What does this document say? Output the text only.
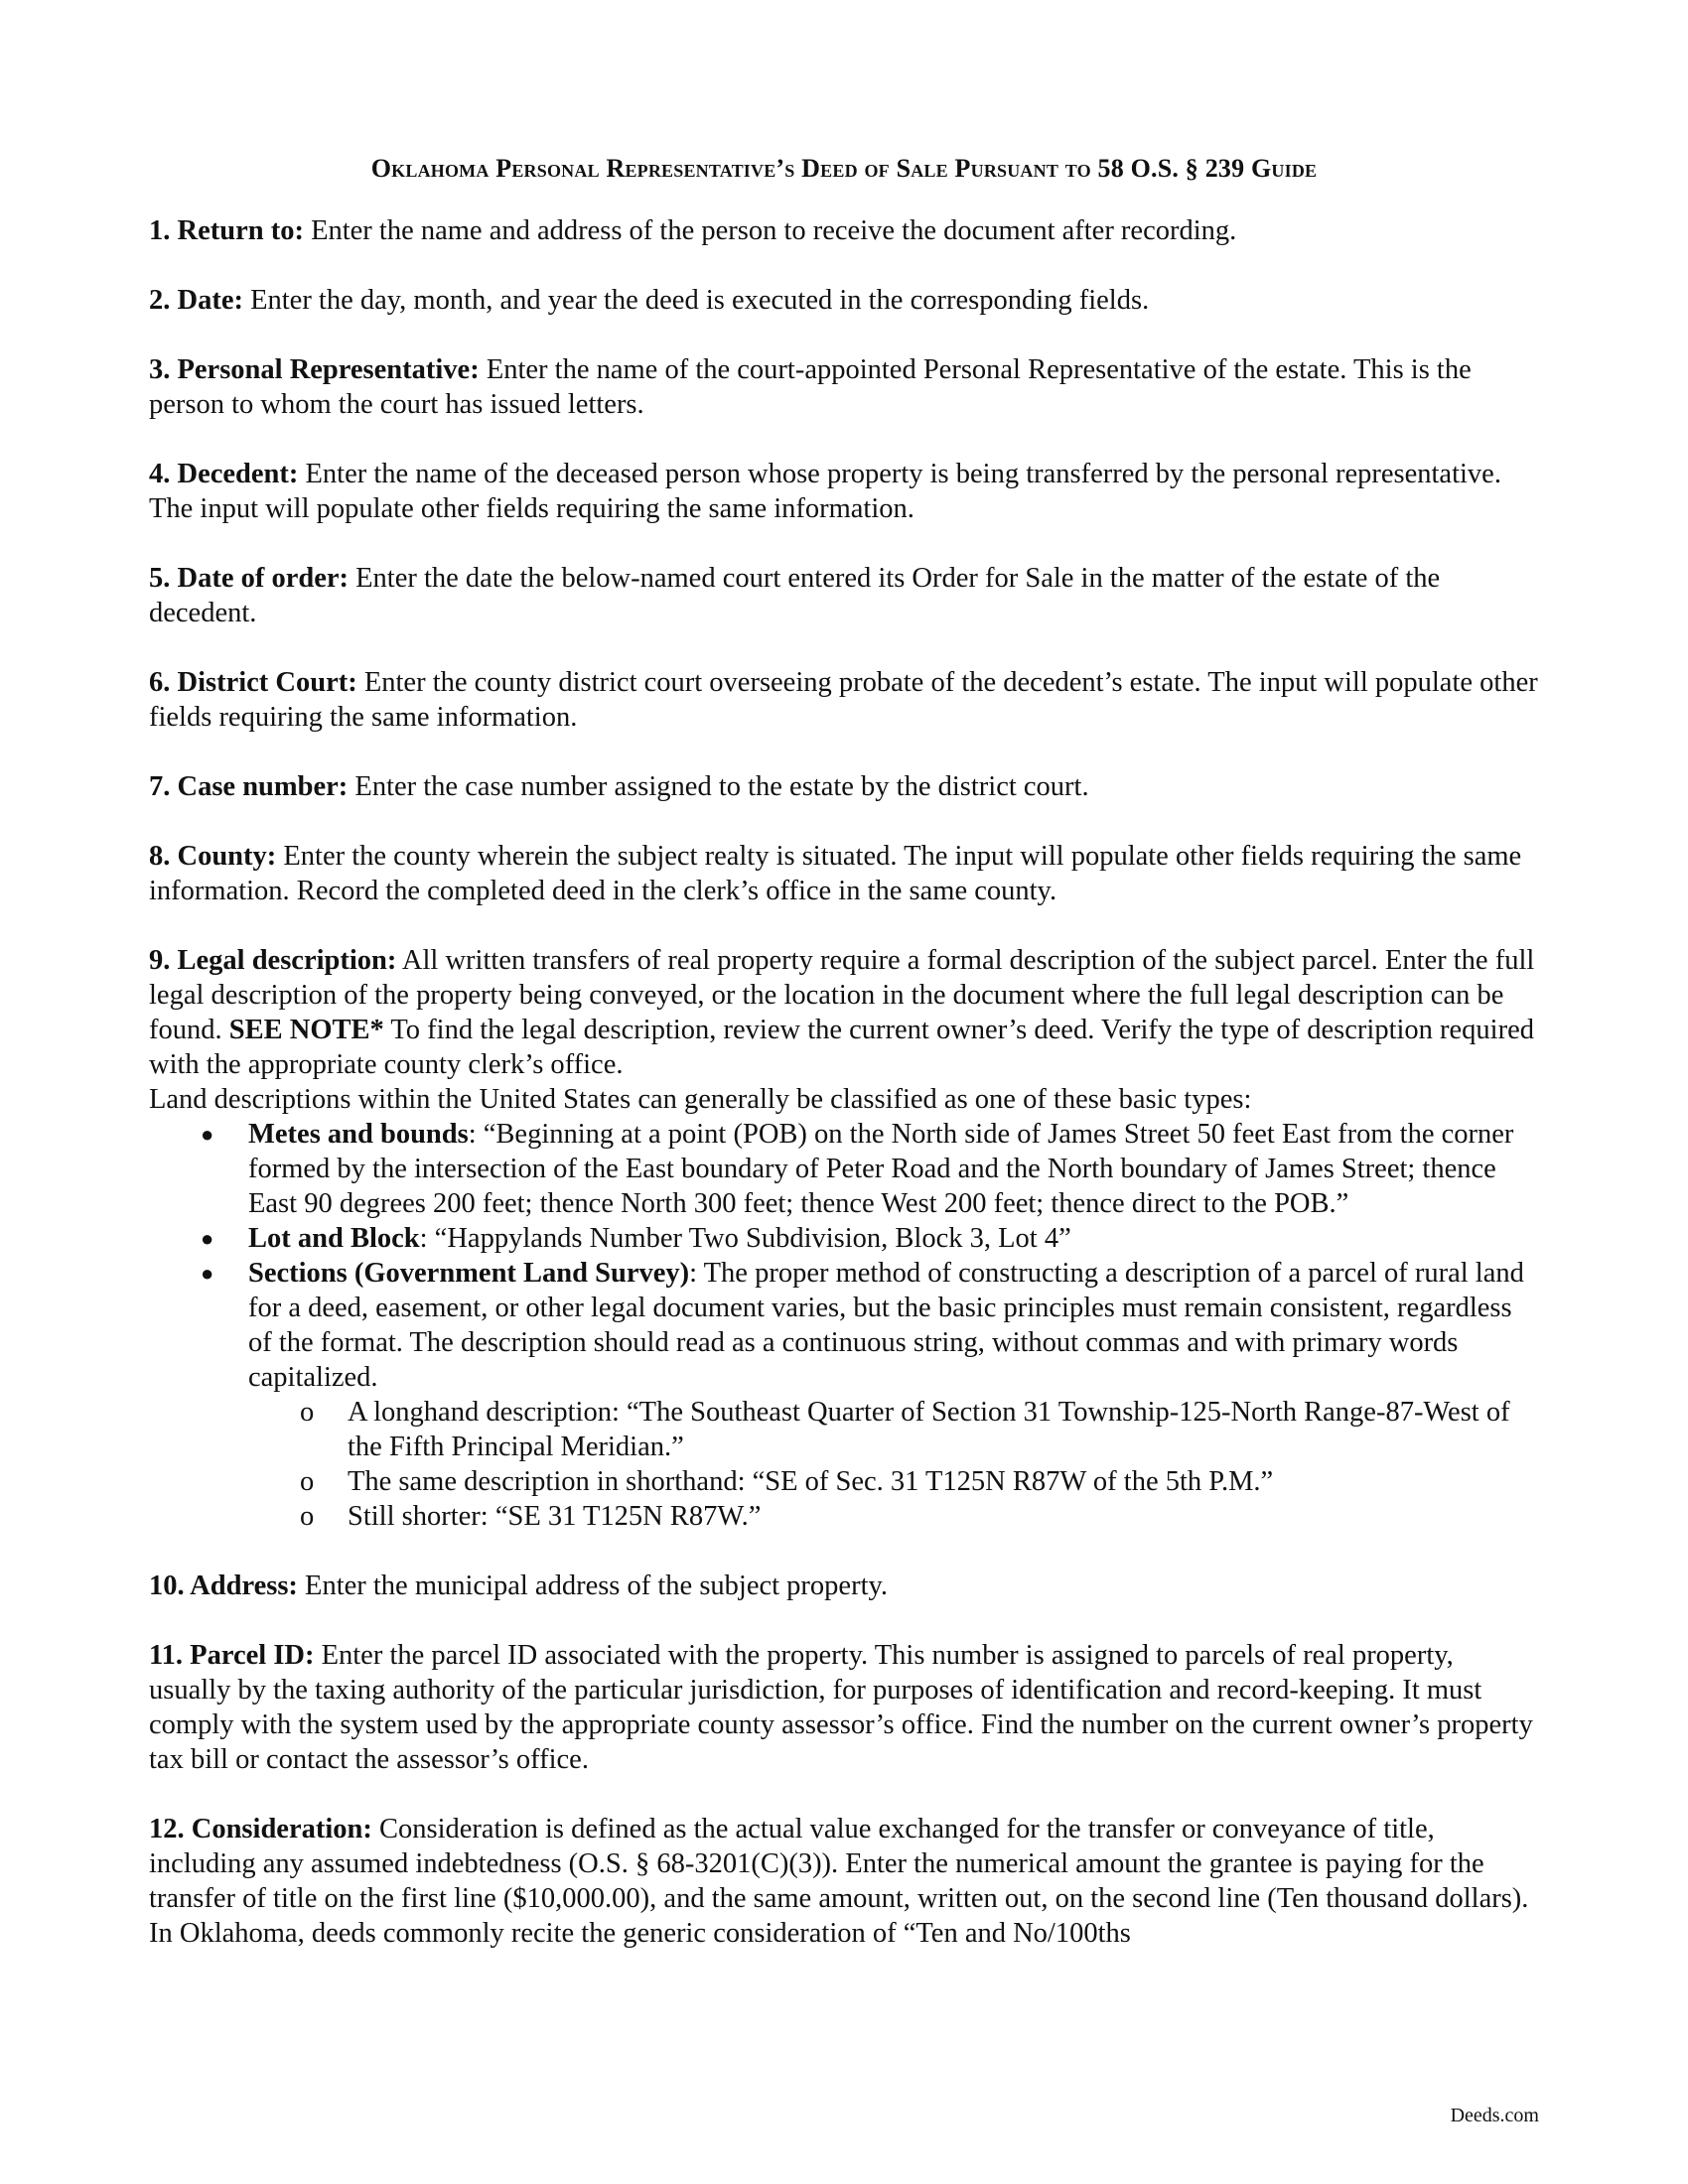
Oklahoma Personal Representative’s Deed of Sale Pursuant to 58 O.S. § 239 Guide
1. Return to: Enter the name and address of the person to receive the document after recording.
2. Date: Enter the day, month, and year the deed is executed in the corresponding fields.
3. Personal Representative: Enter the name of the court-appointed Personal Representative of the estate. This is the person to whom the court has issued letters.
4. Decedent: Enter the name of the deceased person whose property is being transferred by the personal representative. The input will populate other fields requiring the same information.
5. Date of order: Enter the date the below-named court entered its Order for Sale in the matter of the estate of the decedent.
6. District Court: Enter the county district court overseeing probate of the decedent’s estate. The input will populate other fields requiring the same information.
7. Case number: Enter the case number assigned to the estate by the district court.
8. County: Enter the county wherein the subject realty is situated. The input will populate other fields requiring the same information. Record the completed deed in the clerk’s office in the same county.
9. Legal description: All written transfers of real property require a formal description of the subject parcel. Enter the full legal description of the property being conveyed, or the location in the document where the full legal description can be found. SEE NOTE* To find the legal description, review the current owner’s deed. Verify the type of description required with the appropriate county clerk’s office.
Land descriptions within the United States can generally be classified as one of these basic types:
● Metes and bounds: “Beginning at a point (POB) on the North side of James Street 50 feet East from the corner formed by the intersection of the East boundary of Peter Road and the North boundary of James Street; thence East 90 degrees 200 feet; thence North 300 feet; thence West 200 feet; thence direct to the POB.”
● Lot and Block: “Happylands Number Two Subdivision, Block 3, Lot 4”
● Sections (Government Land Survey): The proper method of constructing a description of a parcel of rural land for a deed, easement, or other legal document varies, but the basic principles must remain consistent, regardless of the format. The description should read as a continuous string, without commas and with primary words capitalized.
o A longhand description: “The Southeast Quarter of Section 31 Township-125-North Range-87-West of the Fifth Principal Meridian.”
o The same description in shorthand: “SE of Sec. 31 T125N R87W of the 5th P.M.”
o Still shorter: “SE 31 T125N R87W.”
10. Address: Enter the municipal address of the subject property.
11. Parcel ID: Enter the parcel ID associated with the property. This number is assigned to parcels of real property, usually by the taxing authority of the particular jurisdiction, for purposes of identification and record-keeping. It must comply with the system used by the appropriate county assessor’s office. Find the number on the current owner’s property tax bill or contact the assessor’s office.
12. Consideration: Consideration is defined as the actual value exchanged for the transfer or conveyance of title, including any assumed indebtedness (O.S. § 68-3201(C)(3)). Enter the numerical amount the grantee is paying for the transfer of title on the first line ($10,000.00), and the same amount, written out, on the second line (Ten thousand dollars). In Oklahoma, deeds commonly recite the generic consideration of “Ten and No/100ths
Deeds.com
